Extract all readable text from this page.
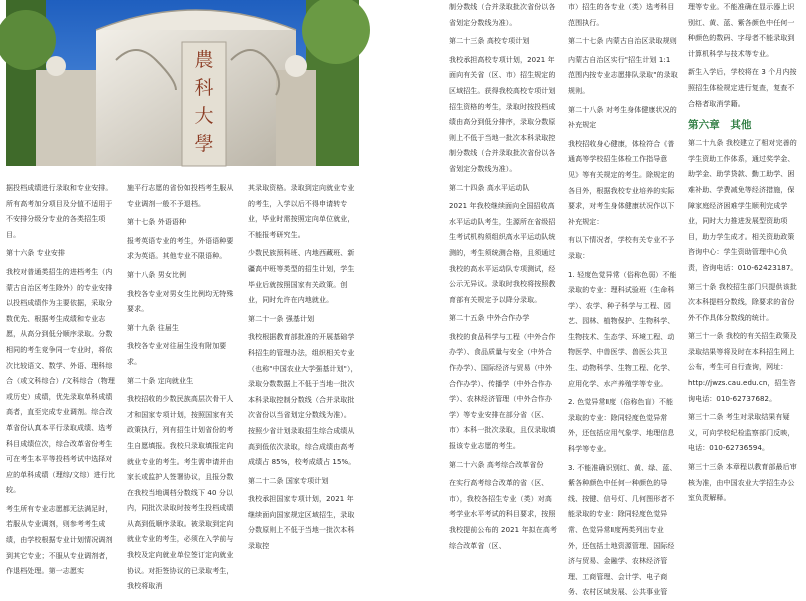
農
科
大
學

据投档成绩进行录取和专业安排。所有高考加分项目及分值不适用于不安排分级分专业的各类招生项目。

第十六条 专业安排

我校对普通类招生的进档考生（内蒙古自治区考生除外）的专业安排以投档成绩作为主要依据，采取分数优先、根据考生成绩和专业志愿，从高分到低分顺序录取。分数相同的考生竞争同一专业时，将依次比较语文、数学、外语、理科综合（或文科综合）/文科综合（物理或历史）成绩，优先录取单科成绩高者，直至完成专业调剂。综合改革省份认真本平行录取成绩、选考科目成绩位次，综合改革省份考生可在考生本平等投档考试中选择对应的单科成绩（理综/文综）进行比较。

考生所有专业志愿都无法满足时，若服从专业调剂，则参考考生成绩，由学校根据专业计划情况调剂到其它专业；不服从专业调剂者，作退档处理。第一志愿实

施平行志愿的省份如投档考生服从专业调剂一般不予退档。

第十七条 外语语种

报考英语专业的考生，外语语种要求为英语。其他专业不限语种。

第十八条 男女比例

我校各专业对男女生比例均无特殊要求。

第十九条 往届生

我校各专业对往届生没有附加要求。

第二十条 定向就业生

我校招收的少数民族高层次骨干人才和国家专项计划，按照国家有关政策执行，列有招生计划省份的考生自愿填报。我校只录取填报定向就业专业的考生。考生需申请并由家长或监护人签署协议，且报分数在我校当地调档分数线下 40 分以内，同批次录取时按考生投档成绩从高到低顺序录取。被录取到定向就业专业的考生，必须在入学前与我校及定向就业单位签订定向就业协议。对拒签协议的已录取考生，我校将取消

其录取资格。录取到定向就业专业的考生，入学以后不得申请转专业，毕业时需按照定向单位就业，不能报考研究生。

少数民族预科班、内地西藏班、新疆高中班等类型的招生计划，学生毕业后就按照国家有关政策。创业，同时允许在内地就业。

第二十一条 强基计划

我校根据教育部批准的开展基础学科招生的管理办法，组织相关专业（也称"中国农业大学强基计划"），录取分数数据上不低于当地一批次本科录取控制分数线（合并录取批次省份以当省划定分数线为准）。按照少省计划录取招生综合成绩从高到低依次录取，综合成绩由高考成绩占 85%，校考成绩占 15%。

第二十二条 国家专项计划

我校承担国家专项计划，2021 年继续面向国家规定区域招生，录取分数原则上不低于当地一批次本科录取控

制分数线（合并录取批次省份以各省划定分数线为准）。

第二十三条 高校专项计划

我校承担高校专项计划，2021 年面向有关省（区、市）招生规定的区域招生。获得我校高校专项计划招生资格的考生，录取时按投档成绩由高分到低分排序，录取分数原则上不低于当地一批次本科录取控制分数线（合并录取批次省份以各省划定分数线为准）。

第二十四条 高水平运动队

2021 年我校继续面向全国招收高水平运动队考生，生源所在省级招生考试机构须组织高水平运动队统测的，考生须统测合格，且须通过我校的高水平运动队专项测试，经公示无异议。录取时我校将按照教育部有关规定予以降分录取。

第二十五条 中外合作办学

我校的食品科学与工程（中外合作办学）、食品质量与安全（中外合作办学）、国际经济与贸易（中外合作办学）、传播学（中外合作办学）、农林经济管理（中外合作办学）等专业安排在部分省（区、市）本科一批次录取，且仅录取填报该专业志愿的考生。

第二十六条 高考综合改革省份

在实行高考综合改革的省（区、市），我校各招生专业（类）对高考学业水平考试的科目要求，按照我校提前公布的 2021 年拟在高考综合改革省（区、

市）招生的各专业（类）选考科目范围执行。

第二十七条 内蒙古自治区录取规则

内蒙古自治区实行"招生计划 1:1 范围内按专业志愿排队录取"的录取规则。

第二十八条 对考生身体健康状况的补充规定

我校招收身心健康，体检符合《普通高等学校招生体检工作指导意见》等有关规定的考生。除规定的各目外，根据我校专业培养的实际要求，对考生身体健康状况作以下补充规定：

有以下情况者，学校有关专业不予录取：

1. 轻度色觉异常（俗称色弱）不能录取的专业：理科试验班（生命科学）、农学、种子科学与工程、园艺、园林、植物保护、生物科学、生物技术、生态学、环境工程、动物医学、中兽医学、兽医公共卫生、动物科学、生物工程、化学、应用化学、水产养殖学等专业。

2. 色觉异常Ⅱ度（俗称色盲）不能录取的专业：除同轻度色觉异常外，还包括应用气象学、地理信息科学等专业。

3. 不能准确识别红、黄、绿、蓝、紫各种颜色中任何一种颜色的导线、按键、信号灯、几何图形者不能录取的专业：除同轻度色觉异常、色觉异常Ⅱ度两类列出专业外，还包括土地资源管理、国际经济与贸易、金融学、农林经济管理、工商管理、会计学、电子商务、农村区域发展、公共事业管

理等专业。不能准确在显示器上识别红、黄、蓝、紫各颜色中任何一种颜色的数码、字母者不能录取到计算机科学与技术等专业。

新生入学后，学校将在 3 个月内按照招生体检规定进行复查，复查不合格者取消学籍。

第六章　其他

第二十九条 我校建立了相对完善的学生资助工作体系，通过奖学金、助学金、助学贷款、勤工助学、困难补助、学费减免等经济措施，保障家庭经济困难学生顺利完成学业，同时大力推进发展型资助项目，助力学生成才。相关资助政策咨询中心：学生资助管理中心负责，咨询电话：010-62423187。

第三十条 我校招生部门只提供该批次本科提档分数线，除要求的省份外不作具体分数线的统计。

第三十一条 我校的有关招生政策及录取结果等将及时在本科招生网上公布，考生可自行查询，网址：http://jwzs.cau.edu.cn，招生咨询电话：010-62737682。

第三十二条 考生对录取结果有疑义，可向学校纪检监察部门反映，电话：010-62736594。

第三十三条 本章程以教育部最后审核为准，由中国农业大学招生办公室负责解释。
